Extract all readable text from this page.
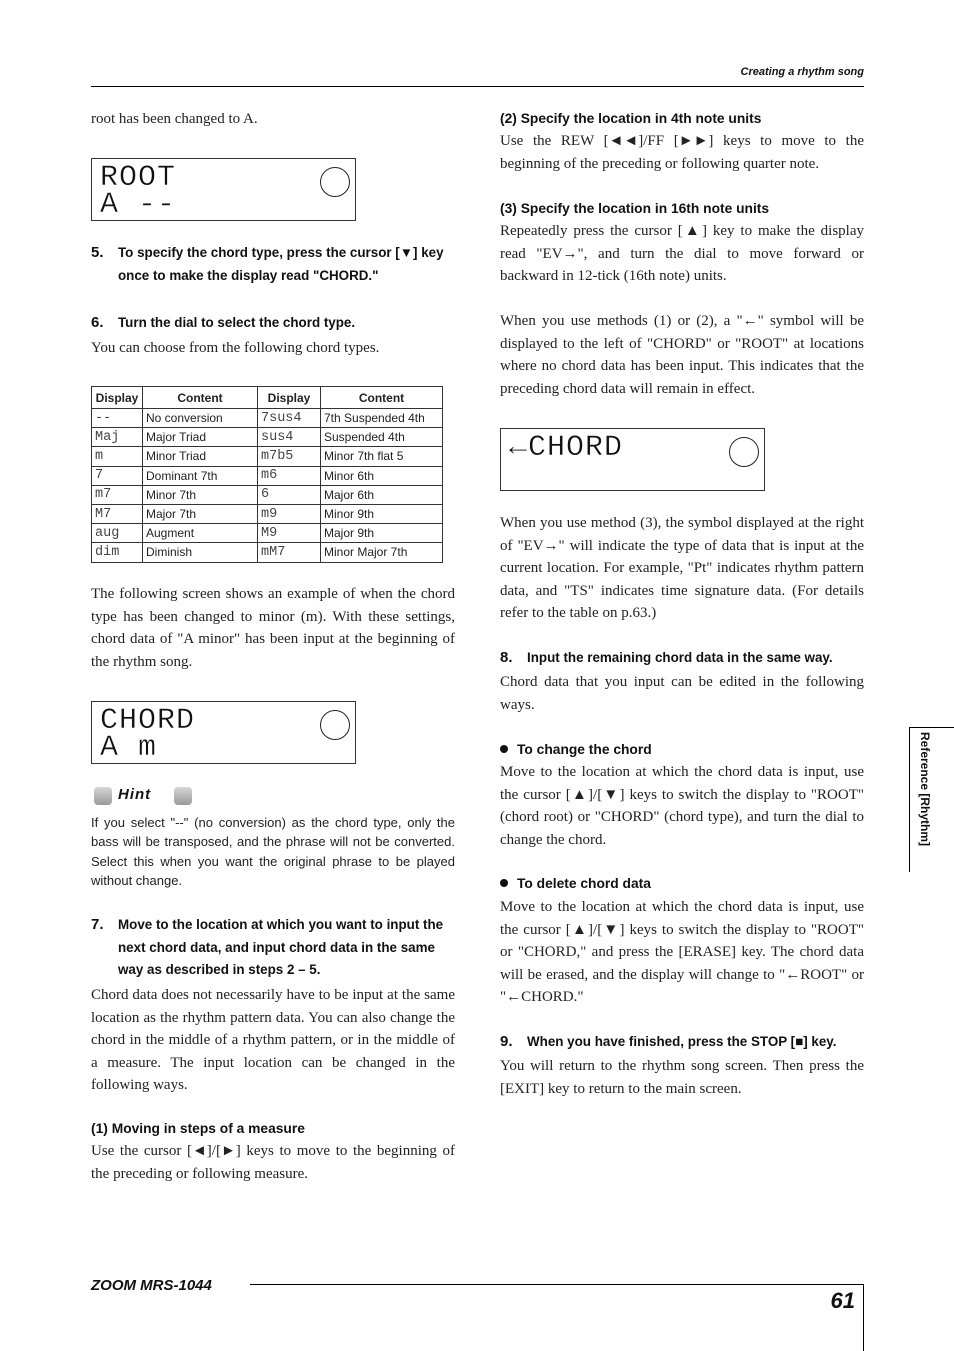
Creating a rhythm song
root has been changed to A.
ROOT
A --
5.	To specify the chord type, press the cursor [▼] key once to make the display read "CHORD."
6.	Turn the dial to select the chord type.
You can choose from the following chord types.
Display	Content	Display	Content
--	No conversion	7sus4	7th Suspended 4th
Maj	Major Triad	sus4	Suspended 4th
m	Minor Triad	m7b5	Minor 7th flat 5
7	Dominant 7th	m6	Minor 6th
m7	Minor 7th	6	Major 6th
M7	Major 7th	m9	Minor 9th
aug	Augment	M9	Major 9th
dim	Diminish	mM7	Minor Major 7th
The following screen shows an example of when the chord type has been changed to minor (m). With these settings, chord data of "A minor" has been input at the beginning of the rhythm song.
CHORD
A m
Hint
If you select "--" (no conversion) as the chord type, only the bass will be transposed, and the phrase will not be converted. Select this when you want the original phrase to be played without change.
7.	Move to the location at which you want to input the next chord data, and input chord data in the same way as described in steps 2 – 5.
Chord data does not necessarily have to be input at the same location as the rhythm pattern data. You can also change the chord in the middle of a rhythm pattern, or in the middle of a measure. The input location can be changed in the following ways.
(1) Moving in steps of a measure
Use the cursor [◄]/[►] keys to move to the beginning of the preceding or following measure.
(2) Specify the location in 4th note units
Use the REW [◄◄]/FF [►►] keys to move to the beginning of the preceding or following quarter note.
(3) Specify the location in 16th note units
Repeatedly press the cursor [▲] key to make the display read "EV→", and turn the dial to move forward or backward in 12-tick (16th note) units.
When you use methods (1) or (2), a "←" symbol will be displayed to the left of "CHORD" or "ROOT" at locations where no chord data has been input. This indicates that the preceding chord data will remain in effect.
←CHORD
When you use method (3), the symbol displayed at the right of "EV→" will indicate the type of data that is input at the current location. For example, "Pt" indicates rhythm pattern data, and "TS" indicates time signature data. (For details refer to the table on p.63.)
8.	Input the remaining chord data in the same way.
Chord data that you input can be edited in the following ways.
To change the chord
Move to the location at which the chord data is input, use the cursor [▲]/[▼] keys to switch the display to "ROOT" (chord root) or "CHORD" (chord type), and turn the dial to change the chord.
To delete chord data
Move to the location at which the chord data is input, use the cursor [▲]/[▼] keys to switch the display to "ROOT" or "CHORD," and press the [ERASE] key. The chord data will be erased, and the display will change to "←ROOT" or "←CHORD."
9.	When you have finished, press the STOP [■] key.
You will return to the rhythm song screen. Then press the [EXIT] key to return to the main screen.
Reference [Rhythm]
ZOOM MRS-1044
61
